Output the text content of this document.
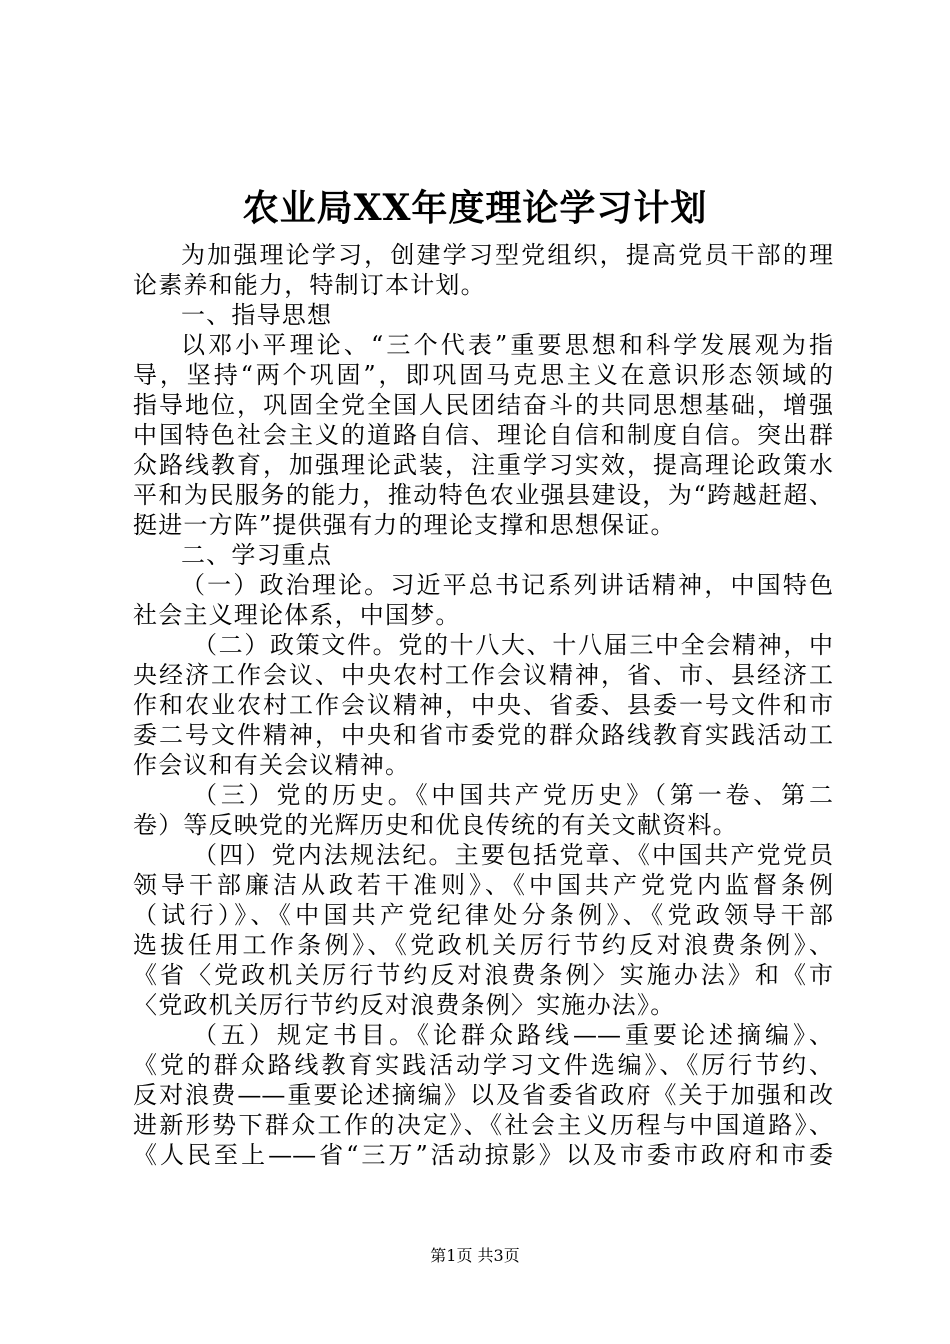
农业局XX年度理论学习计划
为加强理论学习，创建学习型党组织，提高党员干部的理
论素养和能力，特制订本计划。
一、指导思想
以邓小平理论、“三个代表”重要思想和科学发展观为指
导，坚持“两个巩固”，即巩固马克思主义在意识形态领域的
指导地位，巩固全党全国人民团结奋斗的共同思想基础，增强
中国特色社会主义的道路自信、理论自信和制度自信。突出群
众路线教育，加强理论武装，注重学习实效，提高理论政策水
平和为民服务的能力，推动特色农业强县建设，为“跨越赶超、
挺进一方阵”提供强有力的理论支撑和思想保证。
二、学习重点
（一）政治理论。习近平总书记系列讲话精神，中国特色
社会主义理论体系，中国梦。
（二）政策文件。党的十八大、十八届三中全会精神，中
央经济工作会议、中央农村工作会议精神，省、市、县经济工
作和农业农村工作会议精神，中央、省委、县委一号文件和市
委二号文件精神，中央和省市委党的群众路线教育实践活动工
作会议和有关会议精神。
（三）党的历史。《中国共产党历史》（第一卷、第二
卷）等反映党的光辉历史和优良传统的有关文献资料。
（四）党内法规法纪。主要包括党章、《中国共产党党员
领导干部廉洁从政若干准则》、《中国共产党党内监督条例
（试行）》、《中国共产党纪律处分条例》、《党政领导干部
选拔任用工作条例》、《党政机关厉行节约反对浪费条例》、
《省〈党政机关厉行节约反对浪费条例〉实施办法》和《市
〈党政机关厉行节约反对浪费条例〉实施办法》。
（五）规定书目。《论群众路线——重要论述摘编》、
《党的群众路线教育实践活动学习文件选编》、《厉行节约、
反对浪费——重要论述摘编》以及省委省政府《关于加强和改
进新形势下群众工作的决定》、《社会主义历程与中国道路》、
《人民至上——省“三万”活动掠影》以及市委市政府和市委
第1页 共3页
